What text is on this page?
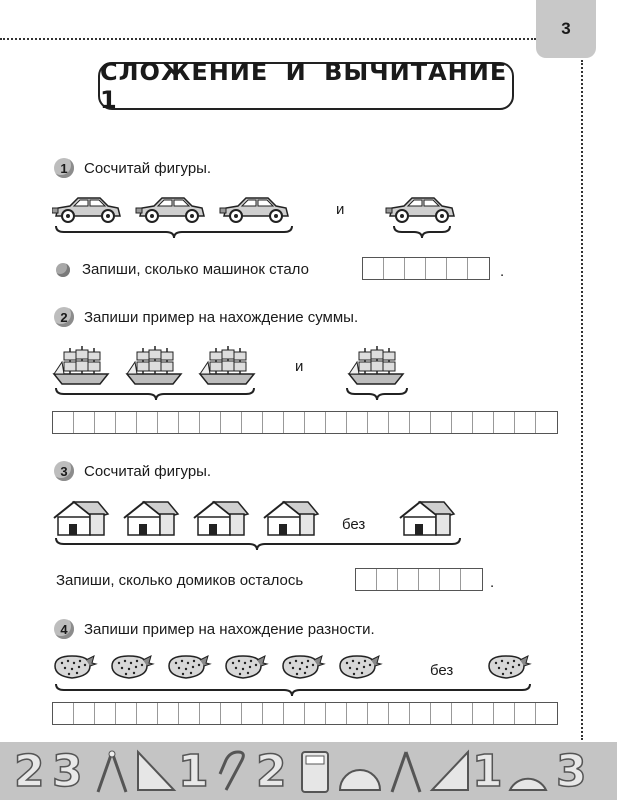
3
СЛОЖЕНИЕ И ВЫЧИТАНИЕ 1
1	Сосчитай фигуры.
и
Запиши, сколько машинок стало	.
2	Запиши пример на нахождение суммы.
и
3	Сосчитай фигуры.
без
Запиши, сколько домиков осталось	.
4	Запиши пример на нахождение разности.
без
2 3 1 2	1 3
